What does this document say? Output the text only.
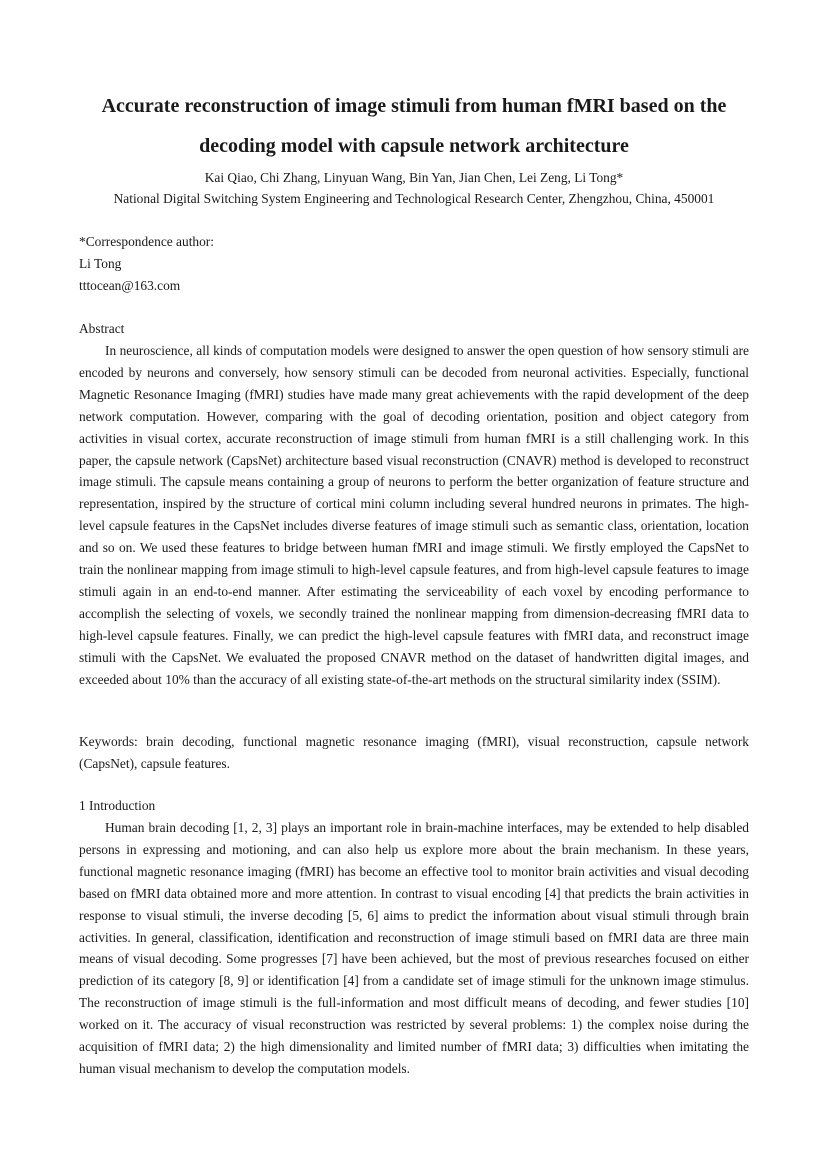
Accurate reconstruction of image stimuli from human fMRI based on the
decoding model with capsule network architecture

Kai Qiao, Chi Zhang, Linyuan Wang, Bin Yan, Jian Chen, Lei Zeng, Li Tong*

National Digital Switching System Engineering and Technological Research Center, Zhengzhou, China, 450001

*Correspondence author:
Li Tong
tttocean@163.com

Abstract

In neuroscience, all kinds of computation models were designed to answer the open question of how sensory stimuli are encoded by neurons and conversely, how sensory stimuli can be decoded from neuronal activities. Especially, functional Magnetic Resonance Imaging (fMRI) studies have made many great achievements with the rapid development of the deep network computation. However, comparing with the goal of decoding orientation, position and object category from activities in visual cortex, accurate reconstruction of image stimuli from human fMRI is a still challenging work. In this paper, the capsule network (CapsNet) architecture based visual reconstruction (CNAVR) method is developed to reconstruct image stimuli. The capsule means containing a group of neurons to perform the better organization of feature structure and representation, inspired by the structure of cortical mini column including several hundred neurons in primates. The high-level capsule features in the CapsNet includes diverse features of image stimuli such as semantic class, orientation, location and so on. We used these features to bridge between human fMRI and image stimuli. We firstly employed the CapsNet to train the nonlinear mapping from image stimuli to high-level capsule features, and from high-level capsule features to image stimuli again in an end-to-end manner. After estimating the serviceability of each voxel by encoding performance to accomplish the selecting of voxels, we secondly trained the nonlinear mapping from dimension-decreasing fMRI data to high-level capsule features. Finally, we can predict the high-level capsule features with fMRI data, and reconstruct image stimuli with the CapsNet. We evaluated the proposed CNAVR method on the dataset of handwritten digital images, and exceeded about 10% than the accuracy of all existing state-of-the-art methods on the structural similarity index (SSIM).

Keywords: brain decoding, functional magnetic resonance imaging (fMRI), visual reconstruction, capsule network (CapsNet), capsule features.

1 Introduction

Human brain decoding [1, 2, 3] plays an important role in brain-machine interfaces, may be extended to help disabled persons in expressing and motioning, and can also help us explore more about the brain mechanism. In these years, functional magnetic resonance imaging (fMRI) has become an effective tool to monitor brain activities and visual decoding based on fMRI data obtained more and more attention. In contrast to visual encoding [4] that predicts the brain activities in response to visual stimuli, the inverse decoding [5, 6] aims to predict the information about visual stimuli through brain activities. In general, classification, identification and reconstruction of image stimuli based on fMRI data are three main means of visual decoding. Some progresses [7] have been achieved, but the most of previous researches focused on either prediction of its category [8, 9] or identification [4] from a candidate set of image stimuli for the unknown image stimulus. The reconstruction of image stimuli is the full-information and most difficult means of decoding, and fewer studies [10] worked on it. The accuracy of visual reconstruction was restricted by several problems: 1) the complex noise during the acquisition of fMRI data; 2) the high dimensionality and limited number of fMRI data; 3) difficulties when imitating the human visual mechanism to develop the computation models.
